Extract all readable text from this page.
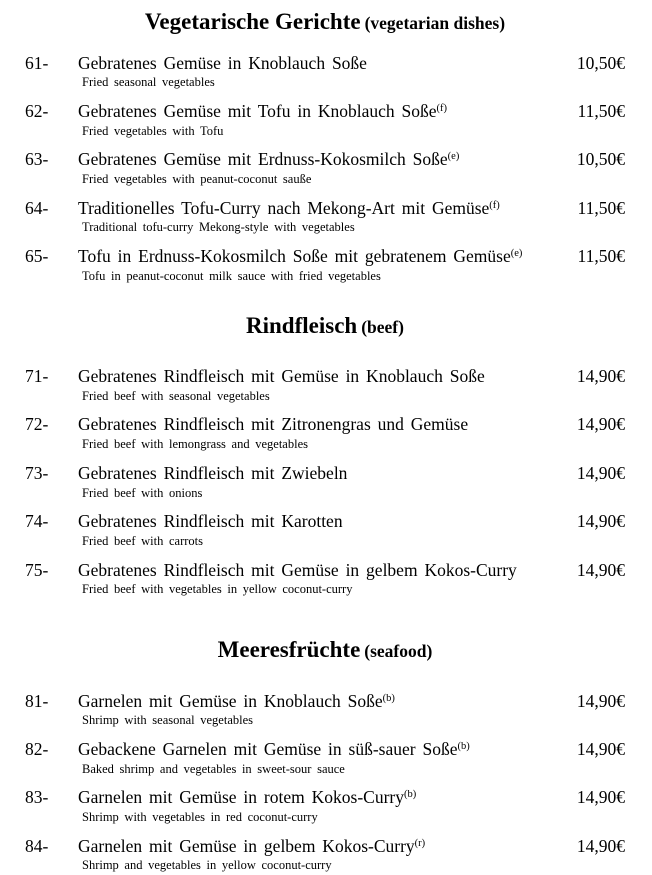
Vegetarische Gerichte (vegetarian dishes)
61-	Gebratenes Gemüse in Knoblauch Soße
Fried seasonal vegetables
10,50€
62-	Gebratenes Gemüse mit Tofu in Knoblauch Soße$^{(f)}$
Fried vegetables with Tofu
11,50€
63-	Gebratenes Gemüse mit Erdnuss-Kokosmilch Soße$^{(e)}$
Fried vegetables with peanut-coconut sauße
10,50€
64-	Traditionelles Tofu-Curry nach Mekong-Art mit Gemüse$^{(f)}$
Traditional tofu-curry Mekong-style with vegetables
11,50€
65-	Tofu in Erdnuss-Kokosmilch Soße mit gebratenem Gemüse$^{(e)}$
Tofu in peanut-coconut milk sauce with fried vegetables
11,50€
Rindfleisch (beef)
71-	Gebratenes Rindfleisch mit Gemüse in Knoblauch Soße
Fried beef with seasonal vegetables
14,90€
72-	Gebratenes Rindfleisch mit Zitronengras und Gemüse
Fried beef with lemongrass and vegetables
14,90€
73-	Gebratenes Rindfleisch mit Zwiebeln
Fried beef with onions
14,90€
74-	Gebratenes Rindfleisch mit Karotten
Fried beef with carrots
14,90€
75-	Gebratenes Rindfleisch mit Gemüse in gelbem Kokos-Curry
Fried beef with vegetables in yellow coconut-curry
14,90€
Meeresfrüchte (seafood)
81-	Garnelen mit Gemüse in Knoblauch Soße$^{(b)}$
Shrimp with seasonal vegetables
14,90€
82-	Gebackene Garnelen mit Gemüse in süß-sauer Soße$^{(b)}$
Baked shrimp and vegetables in sweet-sour sauce
14,90€
83-	Garnelen mit Gemüse in rotem Kokos-Curry$^{(b)}$
Shrimp with vegetables in red coconut-curry
14,90€
84-	Garnelen mit Gemüse in gelbem Kokos-Curry$^{(r)}$
Shrimp and vegetables in yellow coconut-curry
14,90€
